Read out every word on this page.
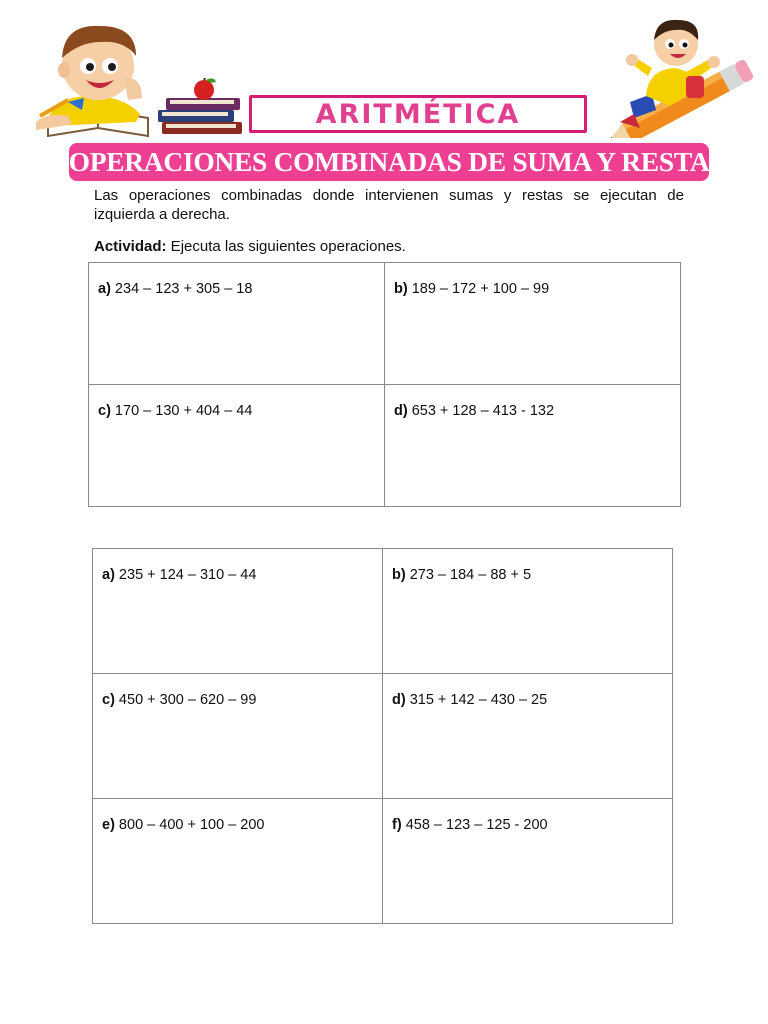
ARITMÉTICA
OPERACIONES COMBINADAS DE SUMA Y RESTA
Las operaciones combinadas donde intervienen sumas y restas se ejecutan de izquierda a derecha.
Actividad: Ejecuta las siguientes operaciones.
a) 234 – 123 + 305 – 18	b) 189 – 172 + 100 – 99

c) 170 – 130 + 404 – 44	d) 653 + 128 – 413 - 132
a) 235 + 124 – 310 – 44	b) 273 – 184 – 88 + 5

c) 450 + 300 – 620 – 99	d) 315 + 142 – 430 – 25

e) 800 – 400 + 100 – 200	f) 458 – 123 – 125 - 200
